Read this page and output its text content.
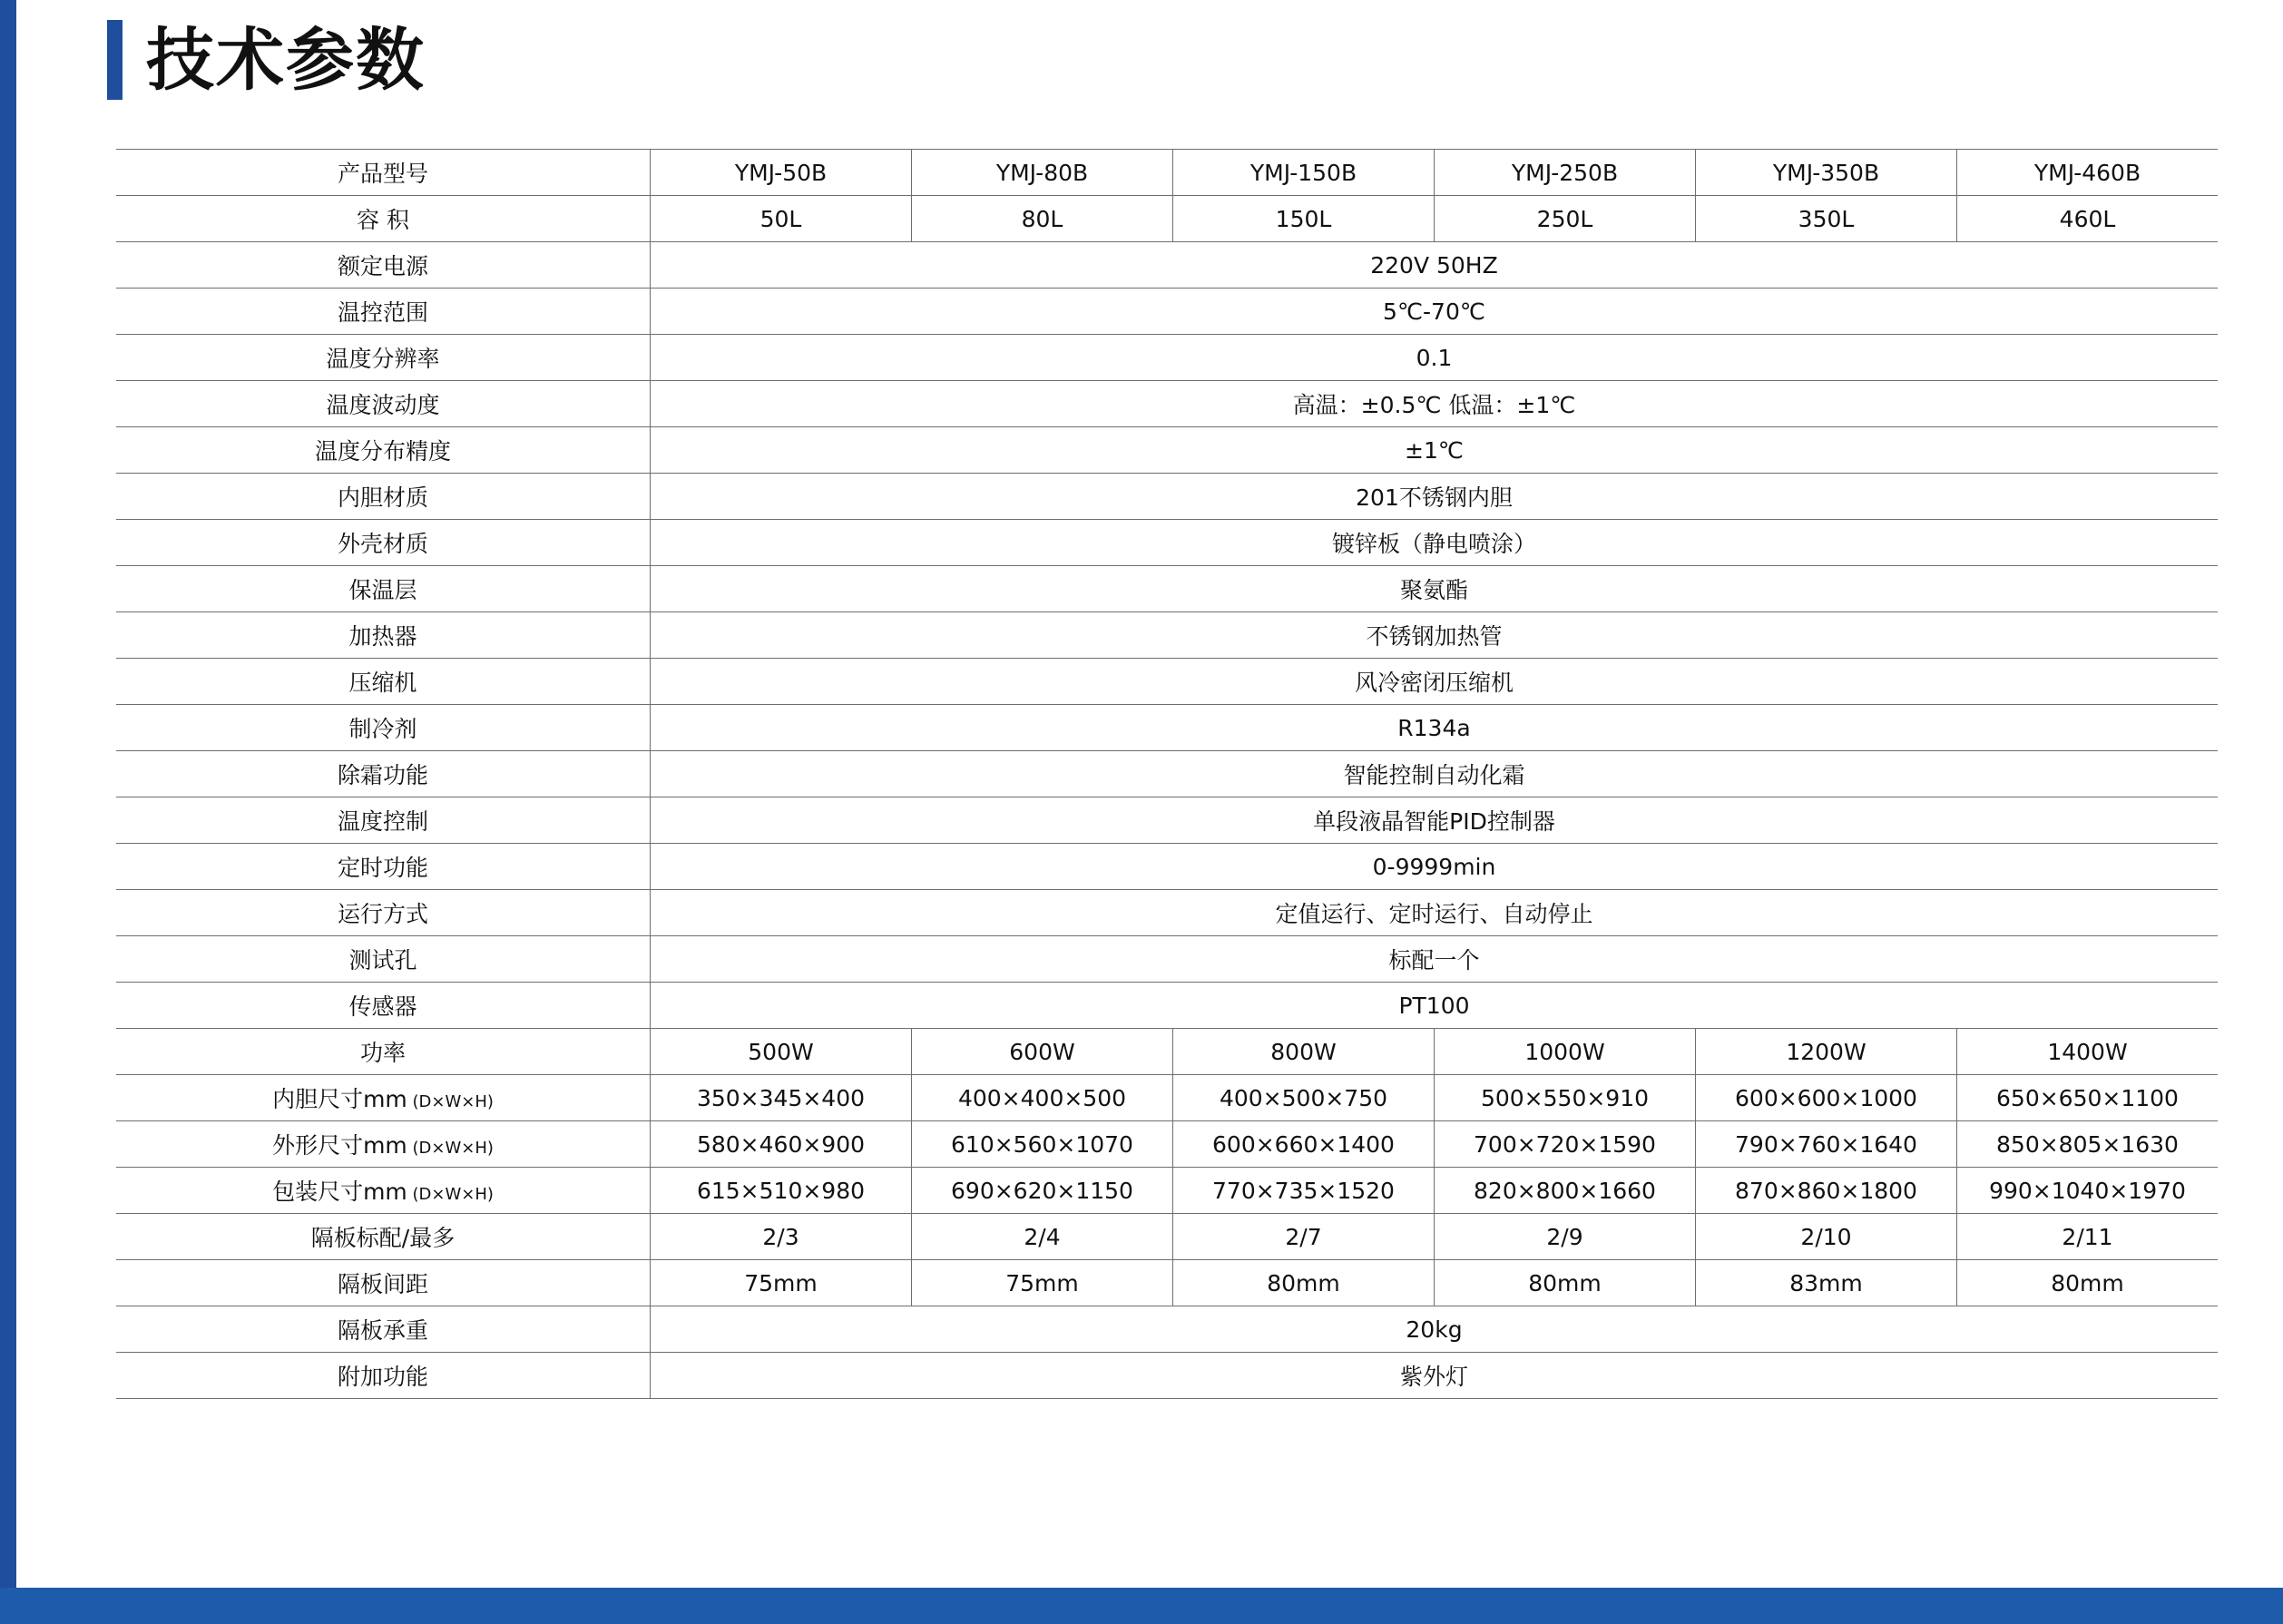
技术参数
产品型号	YMJ-50B	YMJ-80B	YMJ-150B	YMJ-250B	YMJ-350B	YMJ-460B
容 积	50L	80L	150L	250L	350L	460L
额定电源	220V 50HZ					
温控范围	5℃-70℃					
温度分辨率	0.1					
温度波动度	高温：±0.5℃ 低温：±1℃					
温度分布精度	±1℃					
内胆材质	201不锈钢内胆					
外壳材质	镀锌板（静电喷涂）					
保温层	聚氨酯					
加热器	不锈钢加热管					
压缩机	风冷密闭压缩机					
制冷剂	R134a					
除霜功能	智能控制自动化霜					
温度控制	单段液晶智能PID控制器					
定时功能	0-9999min					
运行方式	定值运行、定时运行、自动停止					
测试孔	标配一个					
传感器	PT100					
功率	500W	600W	800W	1000W	1200W	1400W
内胆尺寸mm (D×W×H)	350×345×400	400×400×500	400×500×750	500×550×910	600×600×1000	650×650×1100
外形尺寸mm (D×W×H)	580×460×900	610×560×1070	600×660×1400	700×720×1590	790×760×1640	850×805×1630
包装尺寸mm (D×W×H)	615×510×980	690×620×1150	770×735×1520	820×800×1660	870×860×1800	990×1040×1970
隔板标配/最多	2/3	2/4	2/7	2/9	2/10	2/11
隔板间距	75mm	75mm	80mm	80mm	83mm	80mm
隔板承重	20kg					
附加功能	紫外灯					
